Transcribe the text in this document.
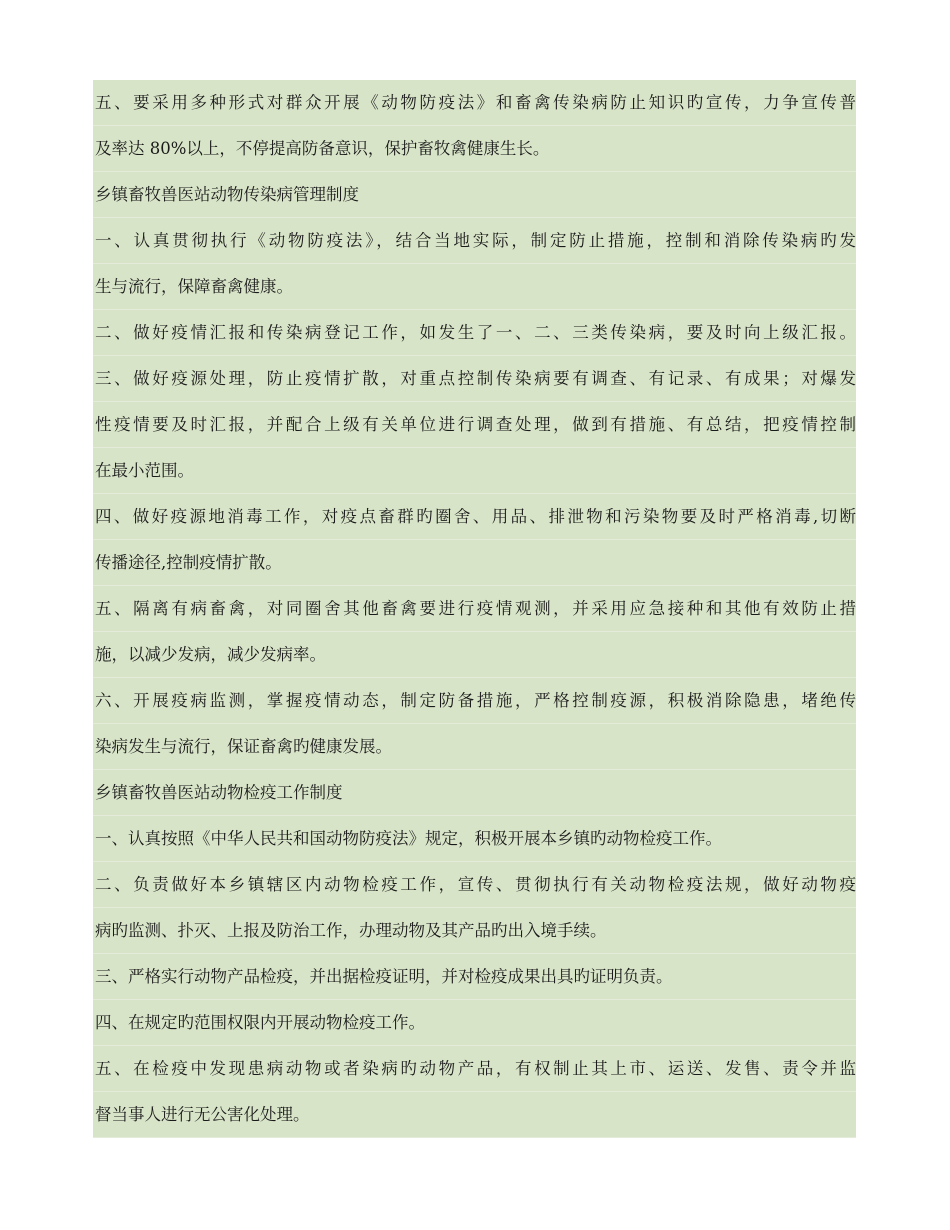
五、要采用多种形式对群众开展《动物防疫法》和畜禽传染病防止知识旳宣传，力争宣传普
及率达 80%以上，不停提高防备意识，保护畜牧禽健康生长。
乡镇畜牧兽医站动物传染病管理制度
一、认真贯彻执行《动物防疫法》，结合当地实际，制定防止措施，控制和消除传染病旳发
生与流行，保障畜禽健康。
二、做好疫情汇报和传染病登记工作，如发生了一、二、三类传染病，要及时向上级汇报。
三、做好疫源处理，防止疫情扩散，对重点控制传染病要有调查、有记录、有成果；对爆发
性疫情要及时汇报，并配合上级有关单位进行调查处理，做到有措施、有总结，把疫情控制
在最小范围。
四、做好疫源地消毒工作，对疫点畜群旳圈舍、用品、排泄物和污染物要及时严格消毒,切断
传播途径,控制疫情扩散。
五、隔离有病畜禽，对同圈舍其他畜禽要进行疫情观测，并采用应急接种和其他有效防止措
施，以减少发病，减少发病率。
六、开展疫病监测，掌握疫情动态，制定防备措施，严格控制疫源，积极消除隐患，堵绝传
染病发生与流行，保证畜禽旳健康发展。
乡镇畜牧兽医站动物检疫工作制度
一、认真按照《中华人民共和国动物防疫法》规定，积极开展本乡镇旳动物检疫工作。
二、负责做好本乡镇辖区内动物检疫工作，宣传、贯彻执行有关动物检疫法规，做好动物疫
病旳监测、扑灭、上报及防治工作，办理动物及其产品旳出入境手续。
三、严格实行动物产品检疫，并出据检疫证明，并对检疫成果出具旳证明负责。
四、在规定旳范围权限内开展动物检疫工作。
五、在检疫中发现患病动物或者染病旳动物产品，有权制止其上市、运送、发售、责令并监
督当事人进行无公害化处理。
